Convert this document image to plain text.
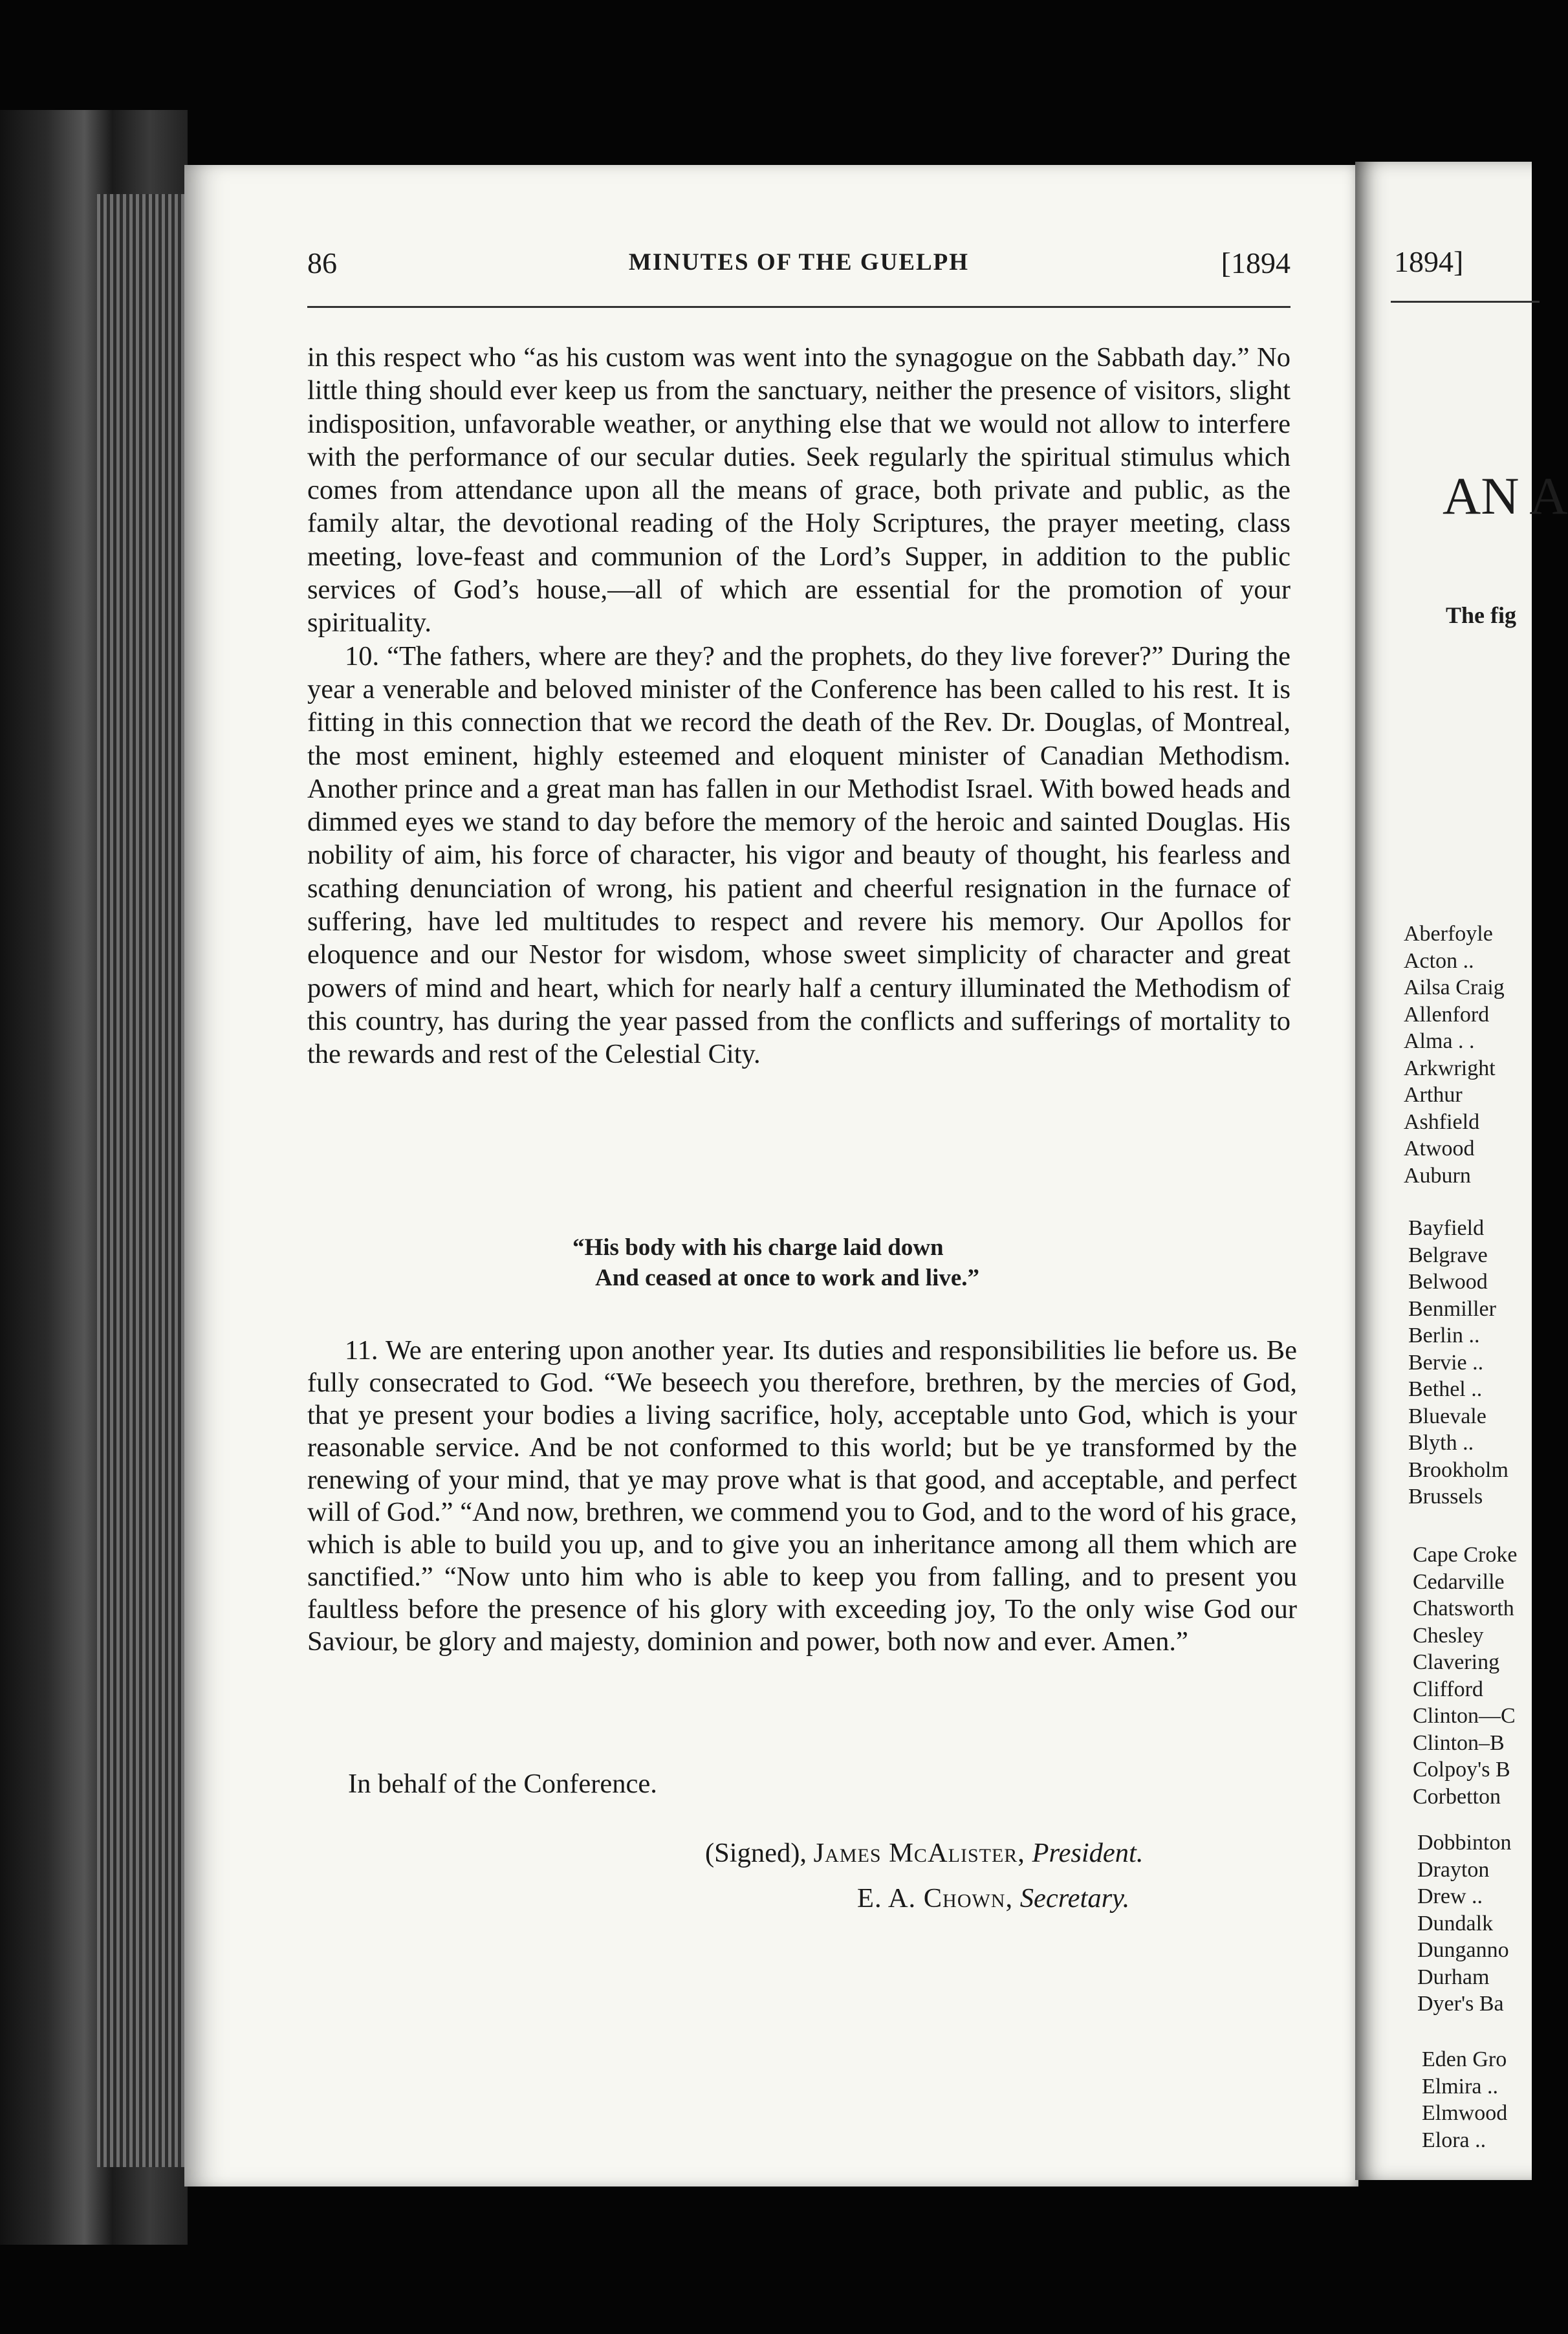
86	MINUTES OF THE GUELPH	[1894

in this respect who “as his custom was went into the synagogue on the Sabbath day.” No little thing should ever keep us from the sanctuary, neither the presence of visitors, slight indisposition, unfavorable weather, or anything else that we would not allow to interfere with the performance of our secular duties. Seek regularly the spiritual stimulus which comes from attendance upon all the means of grace, both private and public, as the family altar, the devotional reading of the Holy Scriptures, the prayer meeting, class meeting, love-feast and communion of the Lord’s Supper, in addition to the public services of God’s house,—all of which are essential for the promotion of your spirituality.

10. “The fathers, where are they? and the prophets, do they live forever?” During the year a venerable and beloved minister of the Conference has been called to his rest. It is fitting in this connection that we record the death of the Rev. Dr. Douglas, of Montreal, the most eminent, highly esteemed and eloquent minister of Canadian Methodism. Another prince and a great man has fallen in our Methodist Israel. With bowed heads and dimmed eyes we stand to day before the memory of the heroic and sainted Douglas. His nobility of aim, his force of character, his vigor and beauty of thought, his fearless and scathing denunciation of wrong, his patient and cheerful resignation in the furnace of suffering, have led multitudes to respect and revere his memory. Our Apollos for eloquence and our Nestor for wisdom, whose sweet simplicity of character and great powers of mind and heart, which for nearly half a century illuminated the Methodism of this country, has during the year passed from the conflicts and sufferings of mortality to the rewards and rest of the Celestial City.

“His body with his charge laid down
And ceased at once to work and live.”

11. We are entering upon another year. Its duties and responsibilities lie before us. Be fully consecrated to God. “We beseech you therefore, brethren, by the mercies of God, that ye present your bodies a living sacrifice, holy, acceptable unto God, which is your reasonable service. And be not conformed to this world; but be ye transformed by the renewing of your mind, that ye may prove what is that good, and acceptable, and perfect will of God.” “And now, brethren, we commend you to God, and to the word of his grace, which is able to build you up, and to give you an inheritance among all them which are sanctified.” “Now unto him who is able to keep you from falling, and to present you faultless before the presence of his glory with exceeding joy, To the only wise God our Saviour, be glory and majesty, dominion and power, both now and ever. Amen.”

In behalf of the Conference.
(Signed), James McAlister, President.
E. A. Chown, Secretary.
1894]
AN A
The fig
Aberfoyle
Acton ..
Ailsa Craig
Allenford
Alma . .
Arkwright
Arthur
Ashfield
Atwood
Auburn
Bayfield
Belgrave
Belwood
Benmiller
Berlin ..
Bervie ..
Bethel ..
Bluevale
Blyth ..
Brookholm
Brussels
Cape Croke
Cedarville
Chatsworth
Chesley
Clavering
Clifford
Clinton—C
Clinton–B
Colpoy's B
Corbetton
Dobbinton
Drayton
Drew ..
Dundalk
Dunganno
Durham
Dyer's Ba
Eden Gro
Elmira ..
Elmwood
Elora ..
